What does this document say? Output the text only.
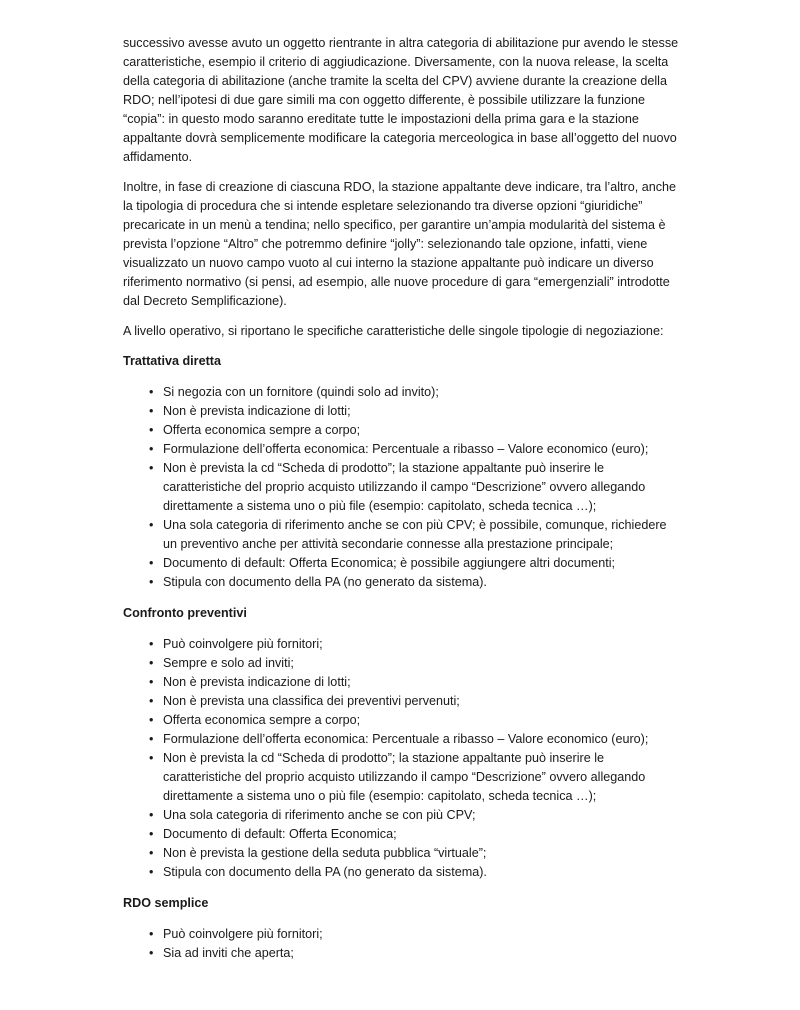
successivo avesse avuto un oggetto rientrante in altra categoria di abilitazione pur avendo le stesse caratteristiche, esempio il criterio di aggiudicazione. Diversamente, con la nuova release, la scelta della categoria di abilitazione (anche tramite la scelta del CPV) avviene durante la creazione della RDO; nell’ipotesi di due gare simili ma con oggetto differente, è possibile utilizzare la funzione “copia”: in questo modo saranno ereditate tutte le impostazioni della prima gara e la stazione appaltante dovrà semplicemente modificare la categoria merceologica in base all’oggetto del nuovo affidamento.

Inoltre, in fase di creazione di ciascuna RDO, la stazione appaltante deve indicare, tra l’altro, anche la tipologia di procedura che si intende espletare selezionando tra diverse opzioni “giuridiche” precaricate in un menù a tendina; nello specifico, per garantire un’ampia modularità del sistema è prevista l’opzione “Altro” che potremmo definire “jolly”: selezionando tale opzione, infatti, viene visualizzato un nuovo campo vuoto al cui interno la stazione appaltante può indicare un diverso riferimento normativo (si pensi, ad esempio, alle nuove procedure di gara “emergenziali” introdotte dal Decreto Semplificazione).

A livello operativo, si riportano le specifiche caratteristiche delle singole tipologie di negoziazione:

Trattativa diretta
• Si negozia con un fornitore (quindi solo ad invito);
• Non è prevista indicazione di lotti;
• Offerta economica sempre a corpo;
• Formulazione dell’offerta economica: Percentuale a ribasso – Valore economico (euro);
• Non è prevista la cd “Scheda di prodotto”; la stazione appaltante può inserire le caratteristiche del proprio acquisto utilizzando il campo “Descrizione” ovvero allegando direttamente a sistema uno o più file (esempio: capitolato, scheda tecnica …);
• Una sola categoria di riferimento anche se con più CPV; è possibile, comunque, richiedere un preventivo anche per attività secondarie connesse alla prestazione principale;
• Documento di default: Offerta Economica; è possibile aggiungere altri documenti;
• Stipula con documento della PA (no generato da sistema).
Confronto preventivi
• Può coinvolgere più fornitori;
• Sempre e solo ad inviti;
• Non è prevista indicazione di lotti;
• Non è prevista una classifica dei preventivi pervenuti;
• Offerta economica sempre a corpo;
• Formulazione dell’offerta economica: Percentuale a ribasso – Valore economico (euro);
• Non è prevista la cd “Scheda di prodotto”; la stazione appaltante può inserire le caratteristiche del proprio acquisto utilizzando il campo “Descrizione” ovvero allegando direttamente a sistema uno o più file (esempio: capitolato, scheda tecnica …);
• Una sola categoria di riferimento anche se con più CPV;
• Documento di default: Offerta Economica;
• Non è prevista la gestione della seduta pubblica “virtuale”;
• Stipula con documento della PA (no generato da sistema).
RDO semplice
• Può coinvolgere più fornitori;
• Sia ad inviti che aperta;
